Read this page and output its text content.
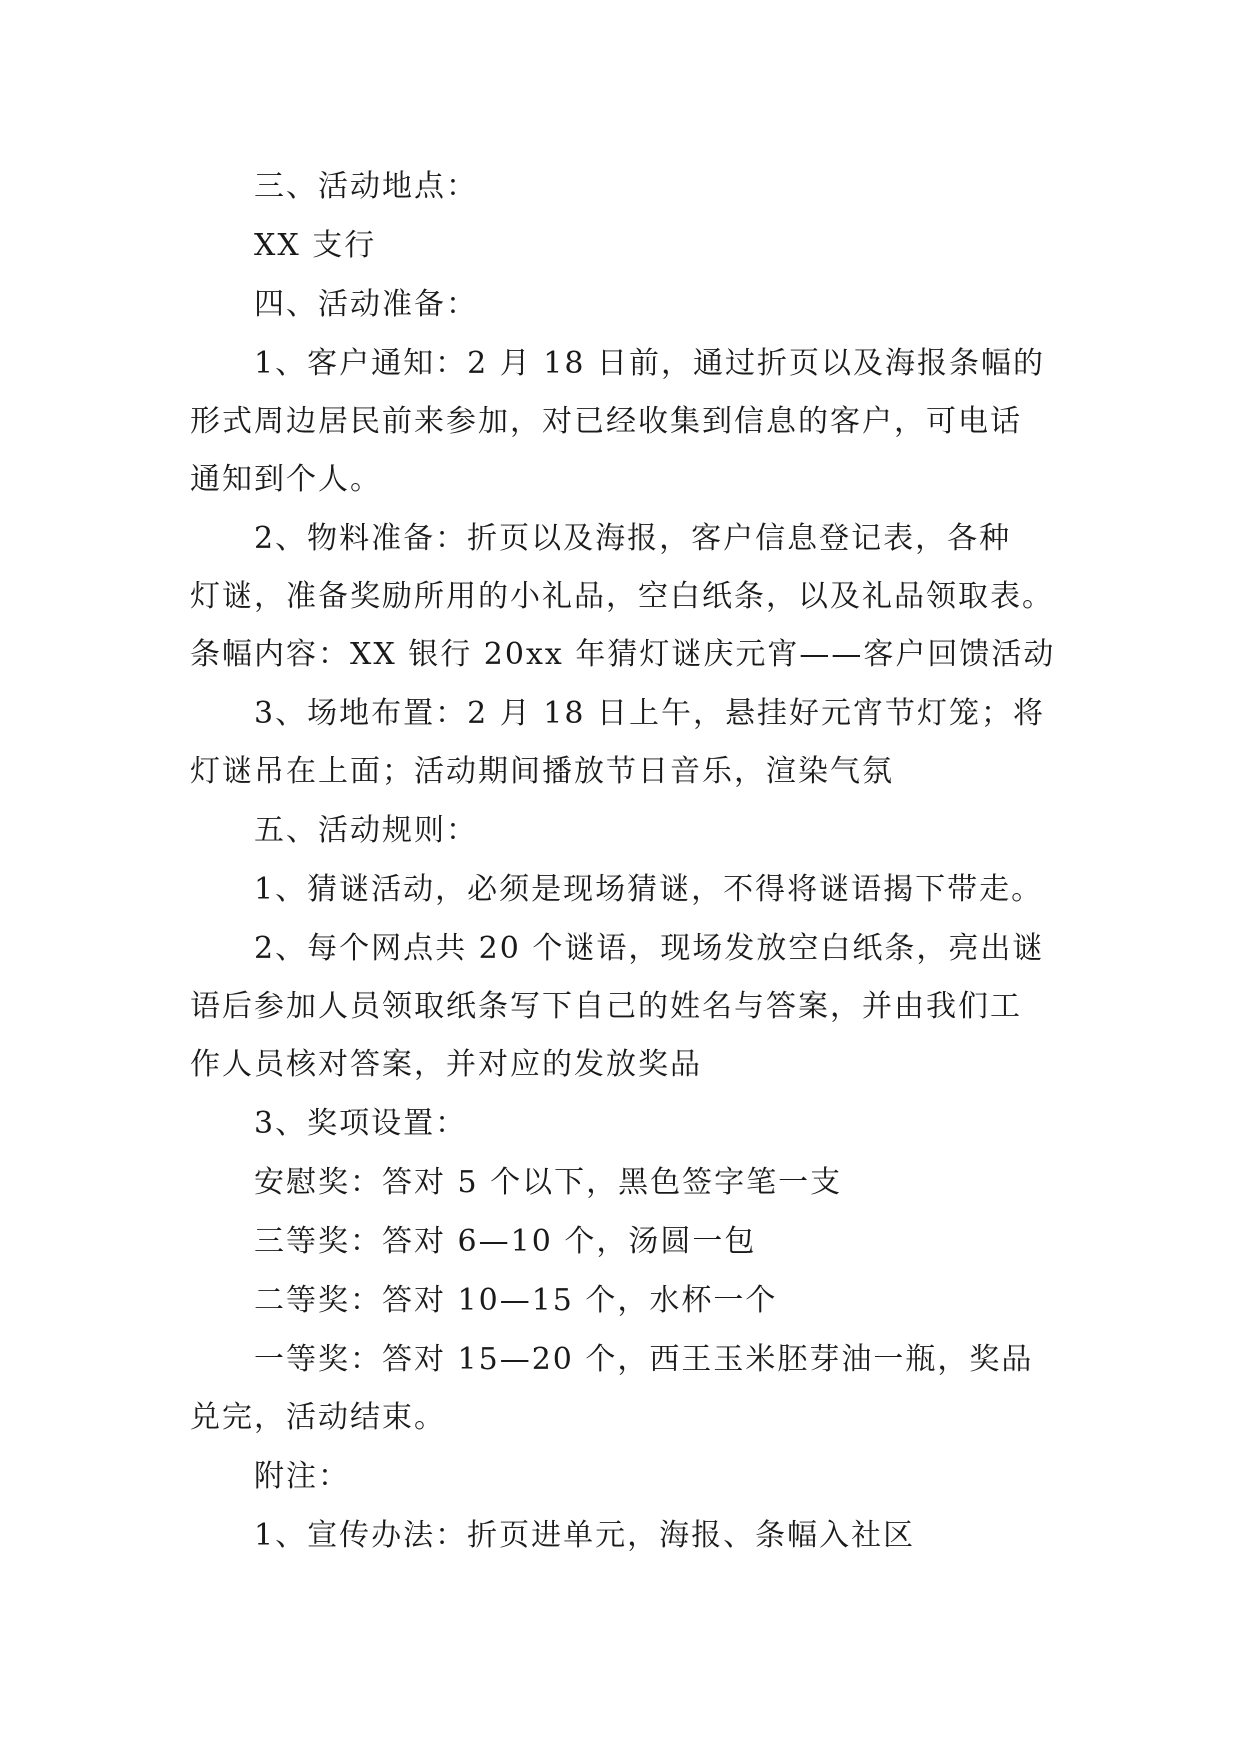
三、活动地点：
XX 支行
四、活动准备：
1、客户通知：2 月 18 日前，通过折页以及海报条幅的
形式周边居民前来参加，对已经收集到信息的客户，可电话
通知到个人。
2、物料准备：折页以及海报，客户信息登记表，各种
灯谜，准备奖励所用的小礼品，空白纸条，以及礼品领取表。
条幅内容：XX 银行 20xx 年猜灯谜庆元宵——客户回馈活动
3、场地布置：2 月 18 日上午，悬挂好元宵节灯笼；将
灯谜吊在上面；活动期间播放节日音乐，渲染气氛
五、活动规则：
1、猜谜活动，必须是现场猜谜，不得将谜语揭下带走。
2、每个网点共 20 个谜语，现场发放空白纸条，亮出谜
语后参加人员领取纸条写下自己的姓名与答案，并由我们工
作人员核对答案，并对应的发放奖品
3、奖项设置：
安慰奖：答对 5 个以下，黑色签字笔一支
三等奖：答对 6—10 个，汤圆一包
二等奖：答对 10—15 个，水杯一个
一等奖：答对 15—20 个，西王玉米胚芽油一瓶，奖品
兑完，活动结束。
附注：
1、宣传办法：折页进单元，海报、条幅入社区
